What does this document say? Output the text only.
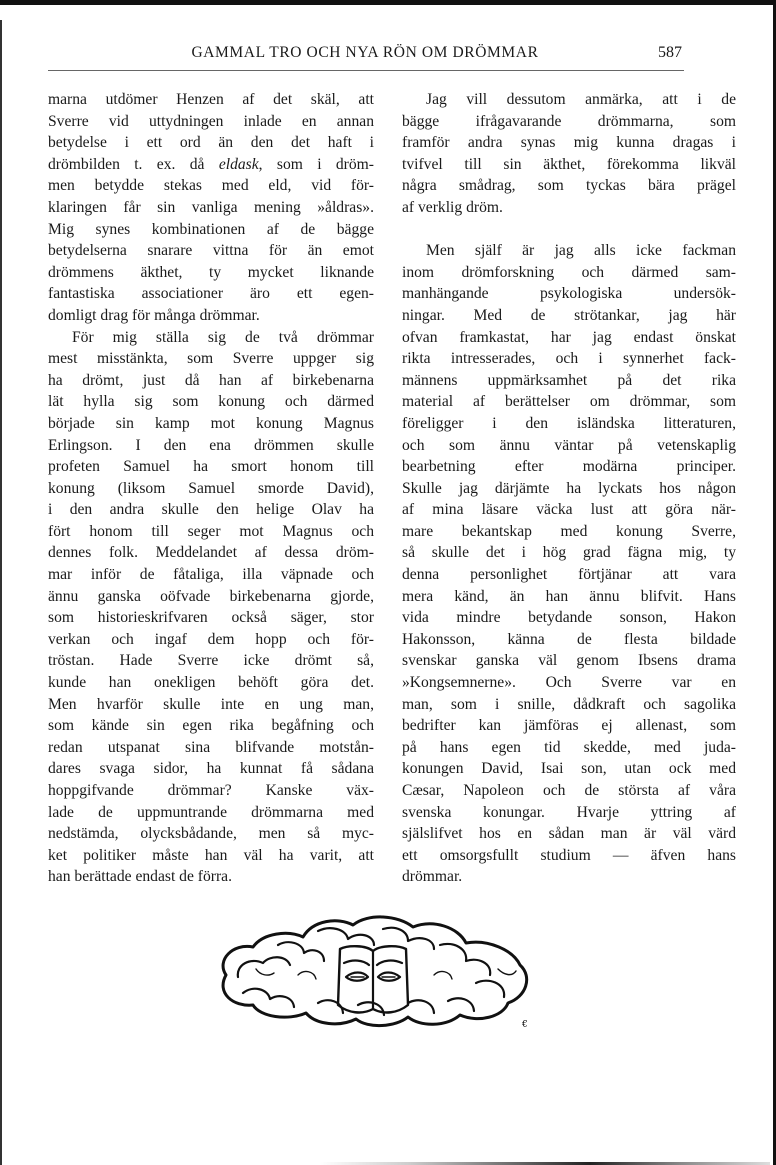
GAMMAL TRO OCH NYA RÖN OM DRÖMMAR	587
marna utdömer Henzen af det skäl, att
Sverre vid uttydningen inlade en annan
betydelse i ett ord än den det haft i
drömbilden t. ex. då eldask, som i dröm-
men betydde stekas med eld, vid för-
klaringen får sin vanliga mening »åldras».
Mig synes kombinationen af de bägge
betydelserna snarare vittna för än emot
drömmens äkthet, ty mycket liknande
fantastiska associationer äro ett egen-
domligt drag för många drömmar.
För mig ställa sig de två drömmar
mest misstänkta, som Sverre uppger sig
ha drömt, just då han af birkebenarna
lät hylla sig som konung och därmed
började sin kamp mot konung Magnus
Erlingson. I den ena drömmen skulle
profeten Samuel ha smort honom till
konung (liksom Samuel smorde David),
i den andra skulle den helige Olav ha
fört honom till seger mot Magnus och
dennes folk. Meddelandet af dessa dröm-
mar inför de fåtaliga, illa väpnade och
ännu ganska oöfvade birkebenarna gjorde,
som historieskrifvaren också säger, stor
verkan och ingaf dem hopp och för-
tröstan. Hade Sverre icke drömt så,
kunde han onekligen behöft göra det.
Men hvarför skulle inte en ung man,
som kände sin egen rika begåfning och
redan utspanat sina blifvande motstån-
dares svaga sidor, ha kunnat få sådana
hoppgifvande drömmar? Kanske väx-
lade de uppmuntrande drömmarna med
nedstämda, olycksbådande, men så myc-
ket politiker måste han väl ha varit, att
han berättade endast de förra.
Jag vill dessutom anmärka, att i de
bägge ifrågavarande drömmarna, som
framför andra synas mig kunna dragas i
tvifvel till sin äkthet, förekomma likväl
några smådrag, som tyckas bära prägel
af verklig dröm.
Men själf är jag alls icke fackman
inom drömforskning och därmed sam-
manhängande psykologiska undersök-
ningar. Med de strötankar, jag här
ofvan framkastat, har jag endast önskat
rikta intresserades, och i synnerhet fack-
männens uppmärksamhet på det rika
material af berättelser om drömmar, som
föreligger i den isländska litteraturen,
och som ännu väntar på vetenskaplig
bearbetning efter modärna principer.
Skulle jag därjämte ha lyckats hos någon
af mina läsare väcka lust att göra när-
mare bekantskap med konung Sverre,
så skulle det i hög grad fägna mig, ty
denna personlighet förtjänar att vara
mera känd, än han ännu blifvit. Hans
vida mindre betydande sonson, Hakon
Hakonsson, känna de flesta bildade
svenskar ganska väl genom Ibsens drama
»Kongsemnerne». Och Sverre var en
man, som i snille, dådkraft och sagolika
bedrifter kan jämföras ej allenast, som
på hans egen tid skedde, med juda-
konungen David, Isai son, utan ock med
Cæsar, Napoleon och de största af våra
svenska konungar. Hvarje yttring af
själslifvet hos en sådan man är väl värd
ett omsorgsfullt studium — äfven hans
drömmar.
€
